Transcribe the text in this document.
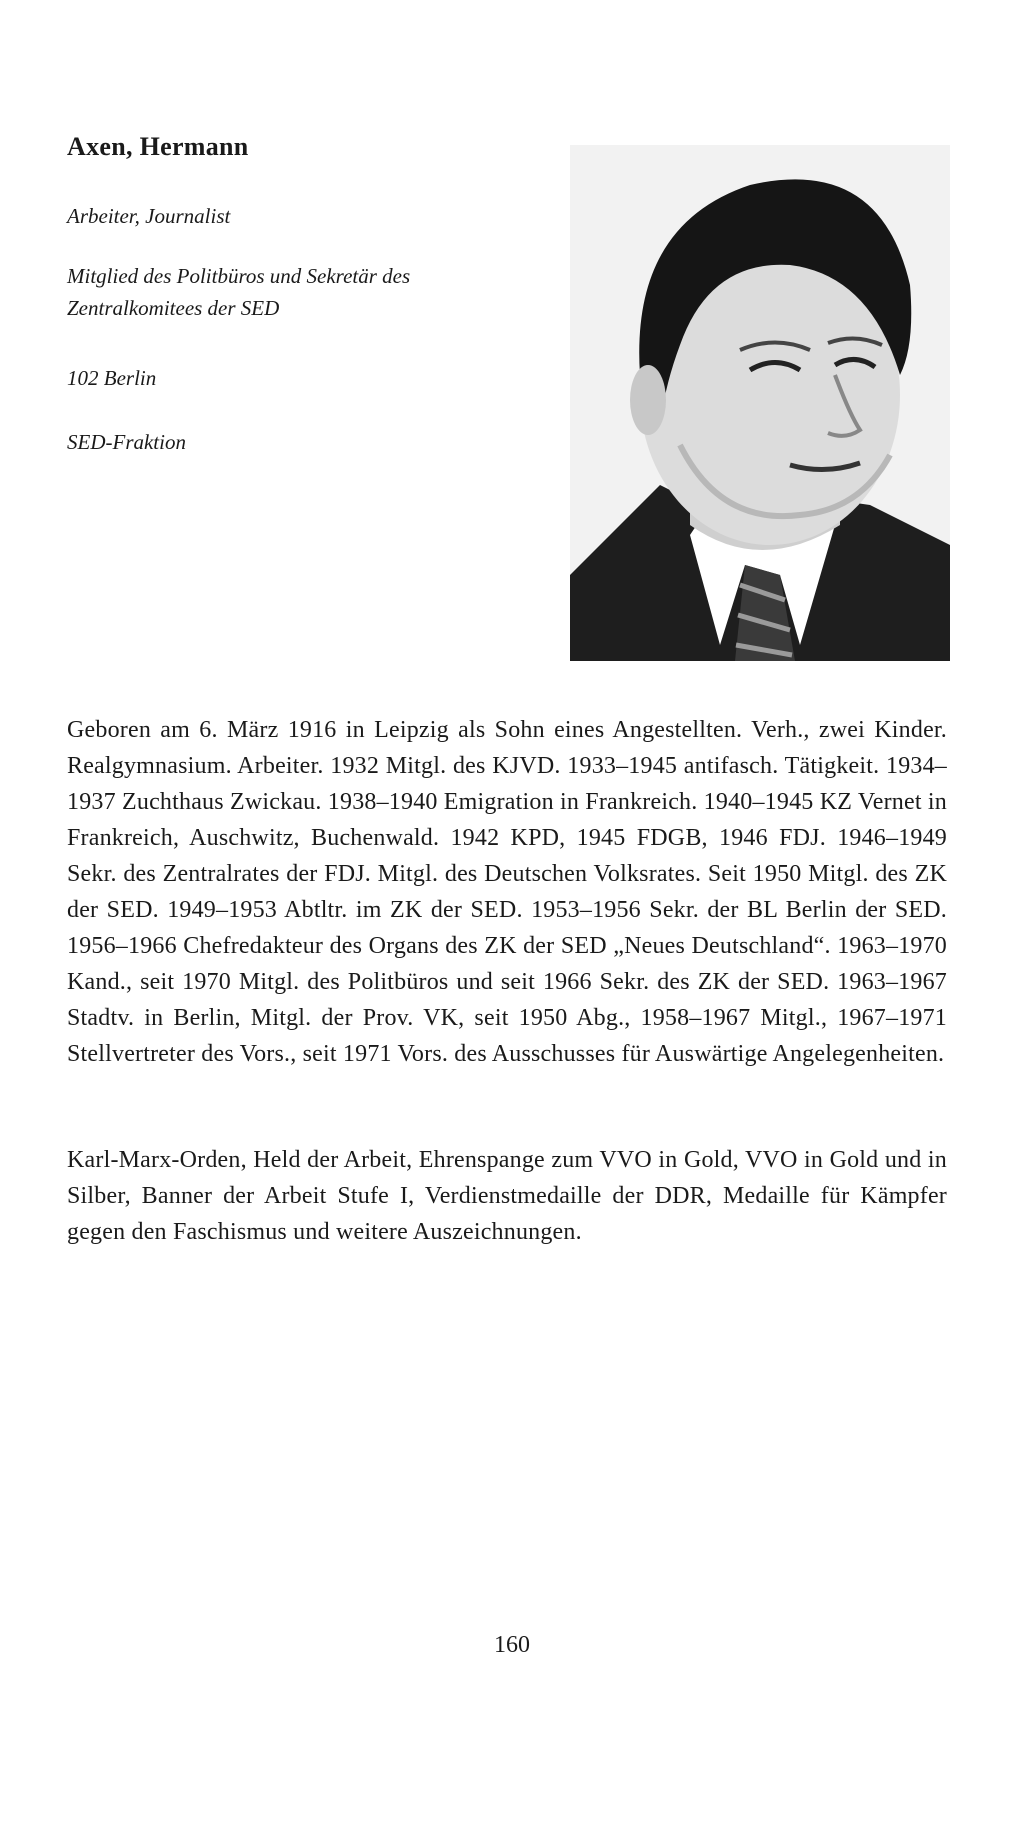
Axen, Hermann

Arbeiter, Journalist

Mitglied des Politbüros und Sekretär des Zentralkomitees der SED

102 Berlin

SED-Fraktion

Geboren am 6. März 1916 in Leipzig als Sohn eines Angestellten. Verh., zwei Kinder. Realgymnasium. Arbeiter. 1932 Mitgl. des KJVD. 1933–1945 antifasch. Tätigkeit. 1934–1937 Zuchthaus Zwickau. 1938–1940 Emigration in Frankreich. 1940–1945 KZ Vernet in Frankreich, Auschwitz, Buchenwald. 1942 KPD, 1945 FDGB, 1946 FDJ. 1946–1949 Sekr. des Zentralrates der FDJ. Mitgl. des Deutschen Volksrates. Seit 1950 Mitgl. des ZK der SED. 1949–1953 Abtltr. im ZK der SED. 1953–1956 Sekr. der BL Berlin der SED. 1956–1966 Chefredakteur des Organs des ZK der SED „Neues Deutschland“. 1963–1970 Kand., seit 1970 Mitgl. des Politbüros und seit 1966 Sekr. des ZK der SED. 1963–1967 Stadtv. in Berlin, Mitgl. der Prov. VK, seit 1950 Abg., 1958–1967 Mitgl., 1967–1971 Stellvertreter des Vors., seit 1971 Vors. des Ausschusses für Auswärtige Angelegenheiten.

Karl-Marx-Orden, Held der Arbeit, Ehrenspange zum VVO in Gold, VVO in Gold und in Silber, Banner der Arbeit Stufe I, Verdienstmedaille der DDR, Medaille für Kämpfer gegen den Faschismus und weitere Auszeichnungen.

160
